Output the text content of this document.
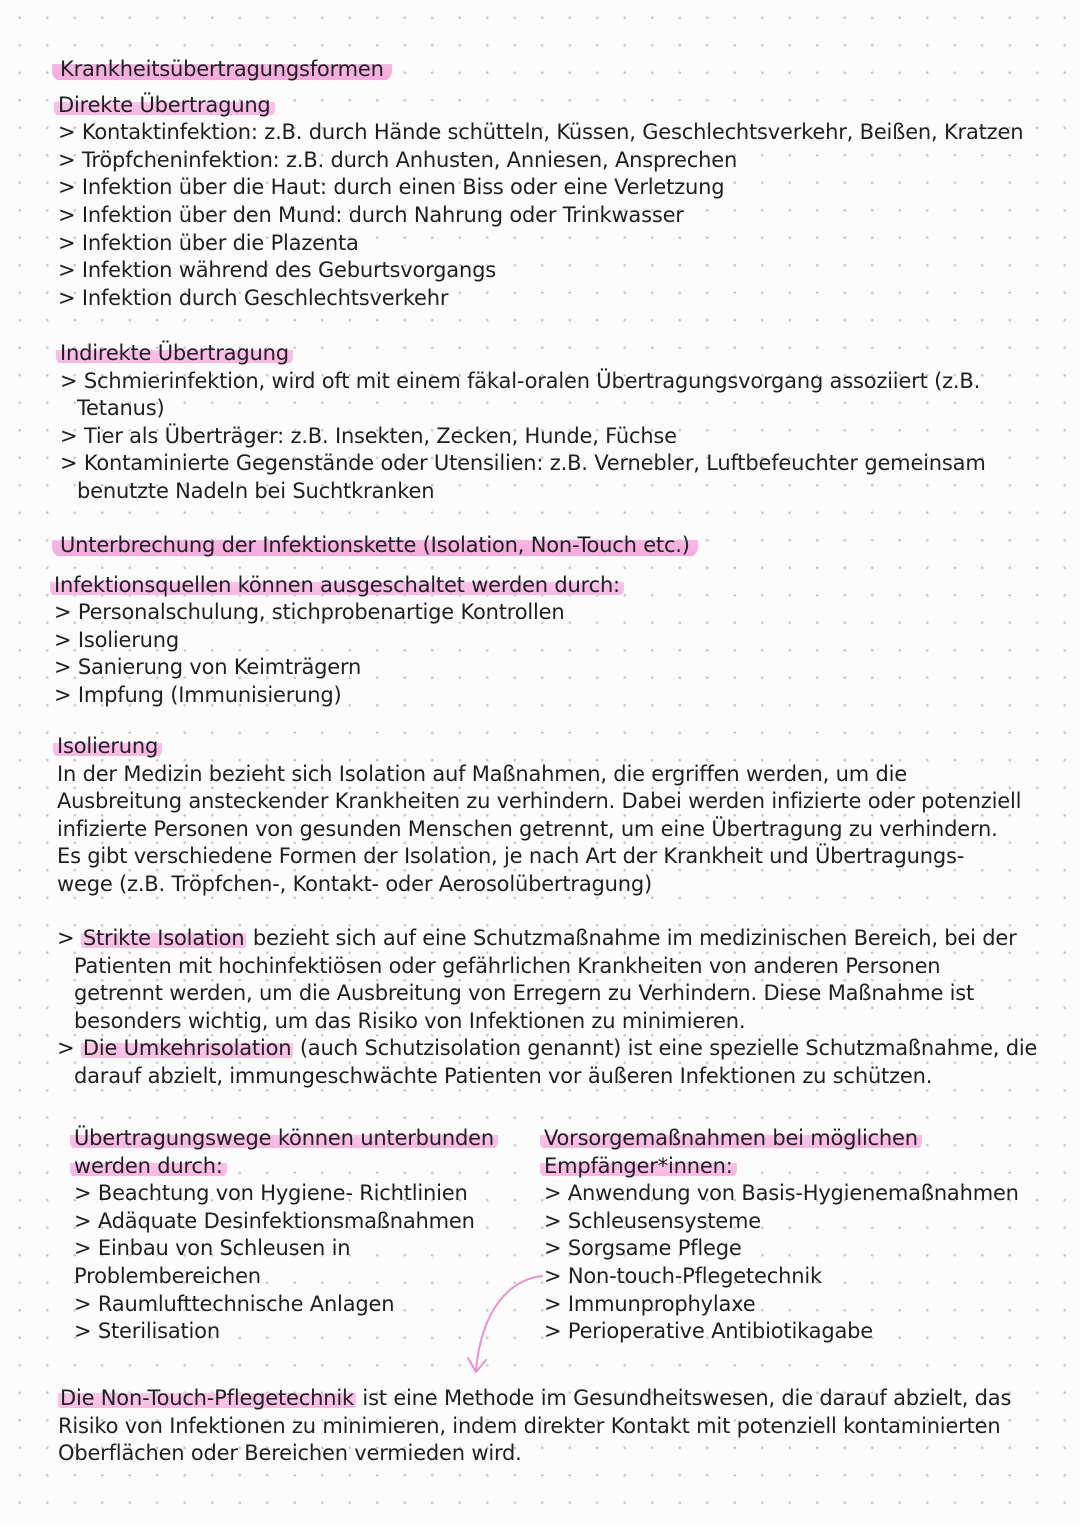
Krankheitsübertragungsformen
Direkte Übertragung
> Kontaktinfektion: z.B. durch Hände schütteln, Küssen, Geschlechtsverkehr, Beißen, Kratzen
> Tröpfcheninfektion: z.B. durch Anhusten, Anniesen, Ansprechen
> Infektion über die Haut: durch einen Biss oder eine Verletzung
> Infektion über den Mund: durch Nahrung oder Trinkwasser
> Infektion über die Plazenta
> Infektion während des Geburtsvorgangs
> Infektion durch Geschlechtsverkehr
Indirekte Übertragung
> Schmierinfektion, wird oft mit einem fäkal-oralen Übertragungsvorgang assoziiert (z.B.
Tetanus)
> Tier als Überträger: z.B. Insekten, Zecken, Hunde, Füchse
> Kontaminierte Gegenstände oder Utensilien: z.B. Vernebler, Luftbefeuchter gemeinsam
benutzte Nadeln bei Suchtkranken
Unterbrechung der Infektionskette (Isolation, Non-Touch etc.)
Infektionsquellen können ausgeschaltet werden durch:
> Personalschulung, stichprobenartige Kontrollen
> Isolierung
> Sanierung von Keimträgern
> Impfung (Immunisierung)
Isolierung
In der Medizin bezieht sich Isolation auf Maßnahmen, die ergriffen werden, um die
Ausbreitung ansteckender Krankheiten zu verhindern. Dabei werden infizierte oder potenziell
infizierte Personen von gesunden Menschen getrennt, um eine Übertragung zu verhindern.
Es gibt verschiedene Formen der Isolation, je nach Art der Krankheit und Übertragungs-
wege (z.B. Tröpfchen-, Kontakt- oder Aerosolübertragung)
> Strikte Isolation bezieht sich auf eine Schutzmaßnahme im medizinischen Bereich, bei der
Patienten mit hochinfektiösen oder gefährlichen Krankheiten von anderen Personen
getrennt werden, um die Ausbreitung von Erregern zu Verhindern. Diese Maßnahme ist
besonders wichtig, um das Risiko von Infektionen zu minimieren.
> Die Umkehrisolation (auch Schutzisolation genannt) ist eine spezielle Schutzmaßnahme, die
darauf abzielt, immungeschwächte Patienten vor äußeren Infektionen zu schützen.
Übertragungswege können unterbunden
werden durch:
> Beachtung von Hygiene- Richtlinien
> Adäquate Desinfektionsmaßnahmen
> Einbau von Schleusen in
Problembereichen
> Raumlufttechnische Anlagen
> Sterilisation
Vorsorgemaßnahmen bei möglichen
Empfänger*innen:
> Anwendung von Basis-Hygienemaßnahmen
> Schleusensysteme
> Sorgsame Pflege
> Non-touch-Pflegetechnik
> Immunprophylaxe
> Perioperative Antibiotikagabe
Die Non-Touch-Pflegetechnik ist eine Methode im Gesundheitswesen, die darauf abzielt, das
Risiko von Infektionen zu minimieren, indem direkter Kontakt mit potenziell kontaminierten
Oberflächen oder Bereichen vermieden wird.
